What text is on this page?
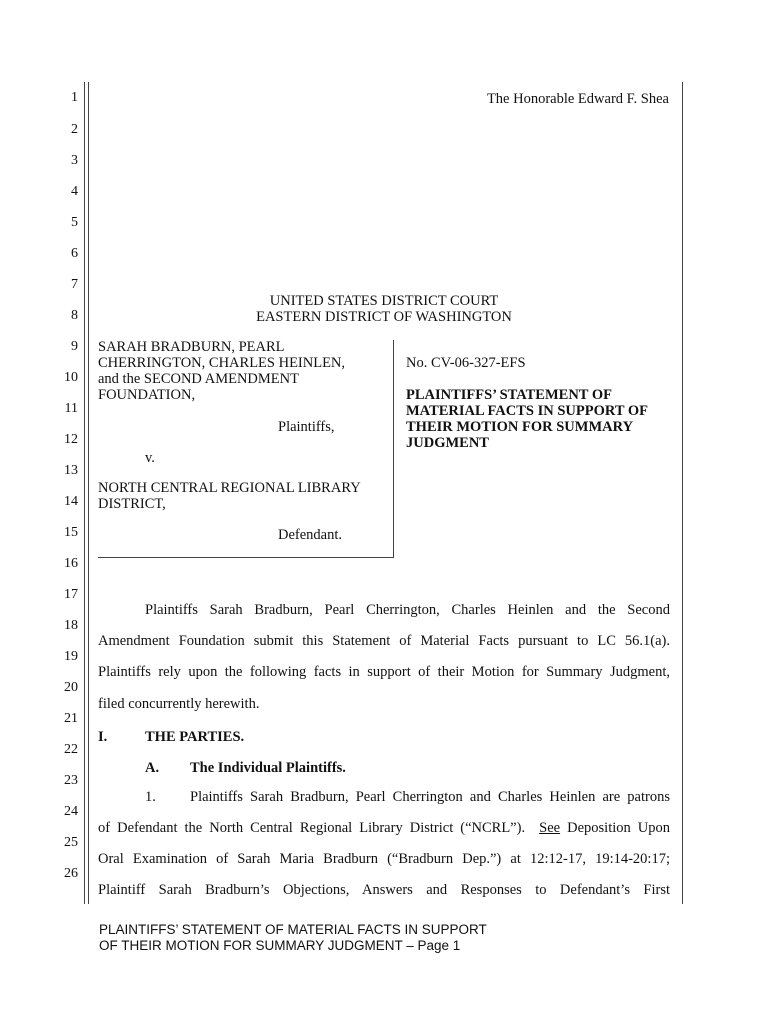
1
2
3
4
5
6
7
8
9
10
11
12
13
14
15
16
17
18
19
20
21
22
23
24
25
26
The Honorable Edward F. Shea
UNITED STATES DISTRICT COURT
EASTERN DISTRICT OF WASHINGTON
SARAH BRADBURN, PEARL
CHERRINGTON, CHARLES HEINLEN,
and the SECOND AMENDMENT
FOUNDATION,
Plaintiffs,
v.
NORTH CENTRAL REGIONAL LIBRARY
DISTRICT,
Defendant.
No. CV-06-327-EFS
PLAINTIFFS’ STATEMENT OF
MATERIAL FACTS IN SUPPORT OF
THEIR MOTION FOR SUMMARY
JUDGMENT
Plaintiffs Sarah Bradburn, Pearl Cherrington, Charles Heinlen and the Second
Amendment Foundation submit this Statement of Material Facts pursuant to LC 56.1(a).
Plaintiffs rely upon the following facts in support of their Motion for Summary Judgment,
filed concurrently herewith.
I.	THE PARTIES.
A. The Individual Plaintiffs.
1. Plaintiffs Sarah Bradburn, Pearl Cherrington and Charles Heinlen are patrons
of Defendant the North Central Regional Library District (“NCRL”). See Deposition Upon
Oral Examination of Sarah Maria Bradburn (“Bradburn Dep.”) at 12:12-17, 19:14-20:17;
Plaintiff Sarah Bradburn’s Objections, Answers and Responses to Defendant’s First
PLAINTIFFS’ STATEMENT OF MATERIAL FACTS IN SUPPORT
OF THEIR MOTION FOR SUMMARY JUDGMENT – Page 1
